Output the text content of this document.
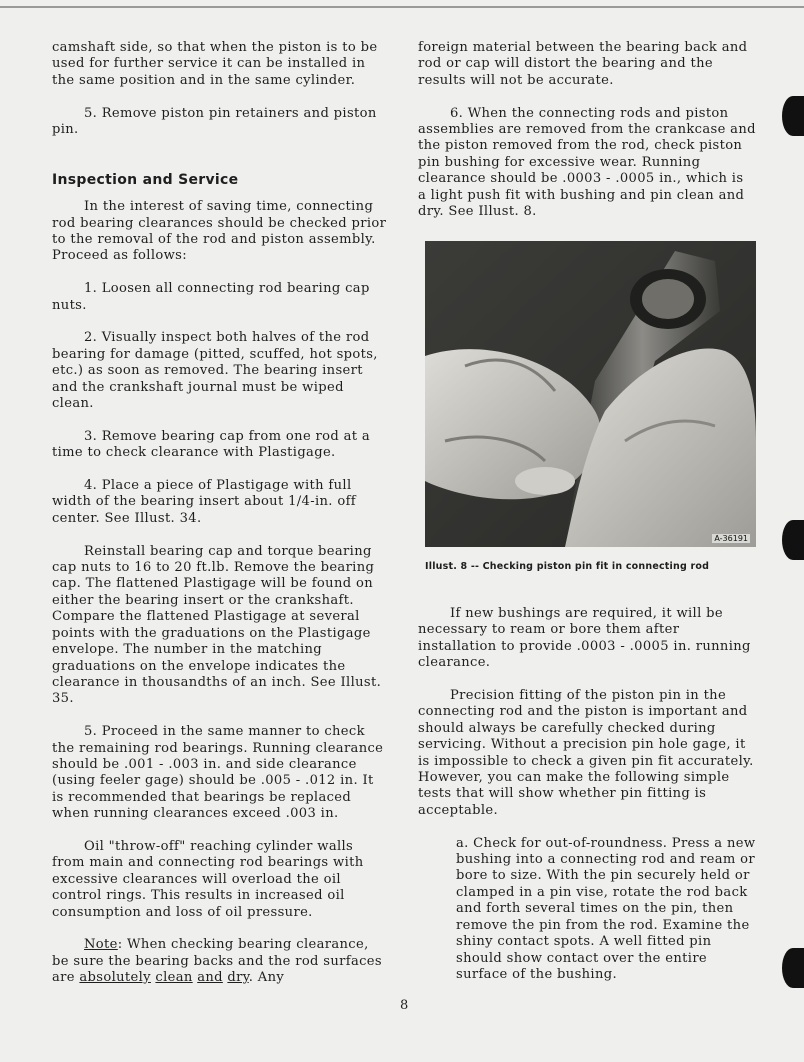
camshaft side, so that when the piston is to be used for further service it can be installed in the same position and in the same cylinder.

5. Remove piston pin retainers and piston pin.

Inspection and Service

In the interest of saving time, connecting rod bearing clearances should be checked prior to the removal of the rod and piston assembly. Proceed as follows:

1. Loosen all connecting rod bearing cap nuts.

2. Visually inspect both halves of the rod bearing for damage (pitted, scuffed, hot spots, etc.) as soon as removed. The bearing insert and the crankshaft journal must be wiped clean.

3. Remove bearing cap from one rod at a time to check clearance with Plastigage.

4. Place a piece of Plastigage with full width of the bearing insert about 1/4-in. off center. See Illust. 34.

Reinstall bearing cap and torque bearing cap nuts to 16 to 20 ft.lb. Remove the bearing cap. The flattened Plastigage will be found on either the bearing insert or the crankshaft. Compare the flattened Plastigage at several points with the graduations on the Plastigage envelope. The number in the matching graduations on the envelope indicates the clearance in thousandths of an inch. See Illust. 35.

5. Proceed in the same manner to check the remaining rod bearings. Running clearance should be .001 - .003 in. and side clearance (using feeler gage) should be .005 - .012 in. It is recommended that bearings be replaced when running clearances exceed .003 in.

Oil "throw-off" reaching cylinder walls from main and connecting rod bearings with excessive clearances will overload the oil control rings. This results in increased oil consumption and loss of oil pressure.

Note: When checking bearing clearance, be sure the bearing backs and the rod surfaces are absolutely clean and dry. Any

foreign material between the bearing back and rod or cap will distort the bearing and the results will not be accurate.

6. When the connecting rods and piston assemblies are removed from the crankcase and the piston removed from the rod, check piston pin bushing for excessive wear. Running clearance should be .0003 - .0005 in., which is a light push fit with bushing and pin clean and dry. See Illust. 8.

A-36191
Illust. 8 -- Checking piston pin fit in connecting rod

If new bushings are required, it will be necessary to ream or bore them after installation to provide .0003 - .0005 in. running clearance.

Precision fitting of the piston pin in the connecting rod and the piston is important and should always be carefully checked during servicing. Without a precision pin hole gage, it is impossible to check a given pin fit accurately. However, you can make the following simple tests that will show whether pin fitting is acceptable.

a. Check for out-of-roundness. Press a new bushing into a connecting rod and ream or bore to size. With the pin securely held or clamped in a pin vise, rotate the rod back and forth several times on the pin, then remove the pin from the rod. Examine the shiny contact spots. A well fitted pin should show contact over the entire surface of the bushing.

8
